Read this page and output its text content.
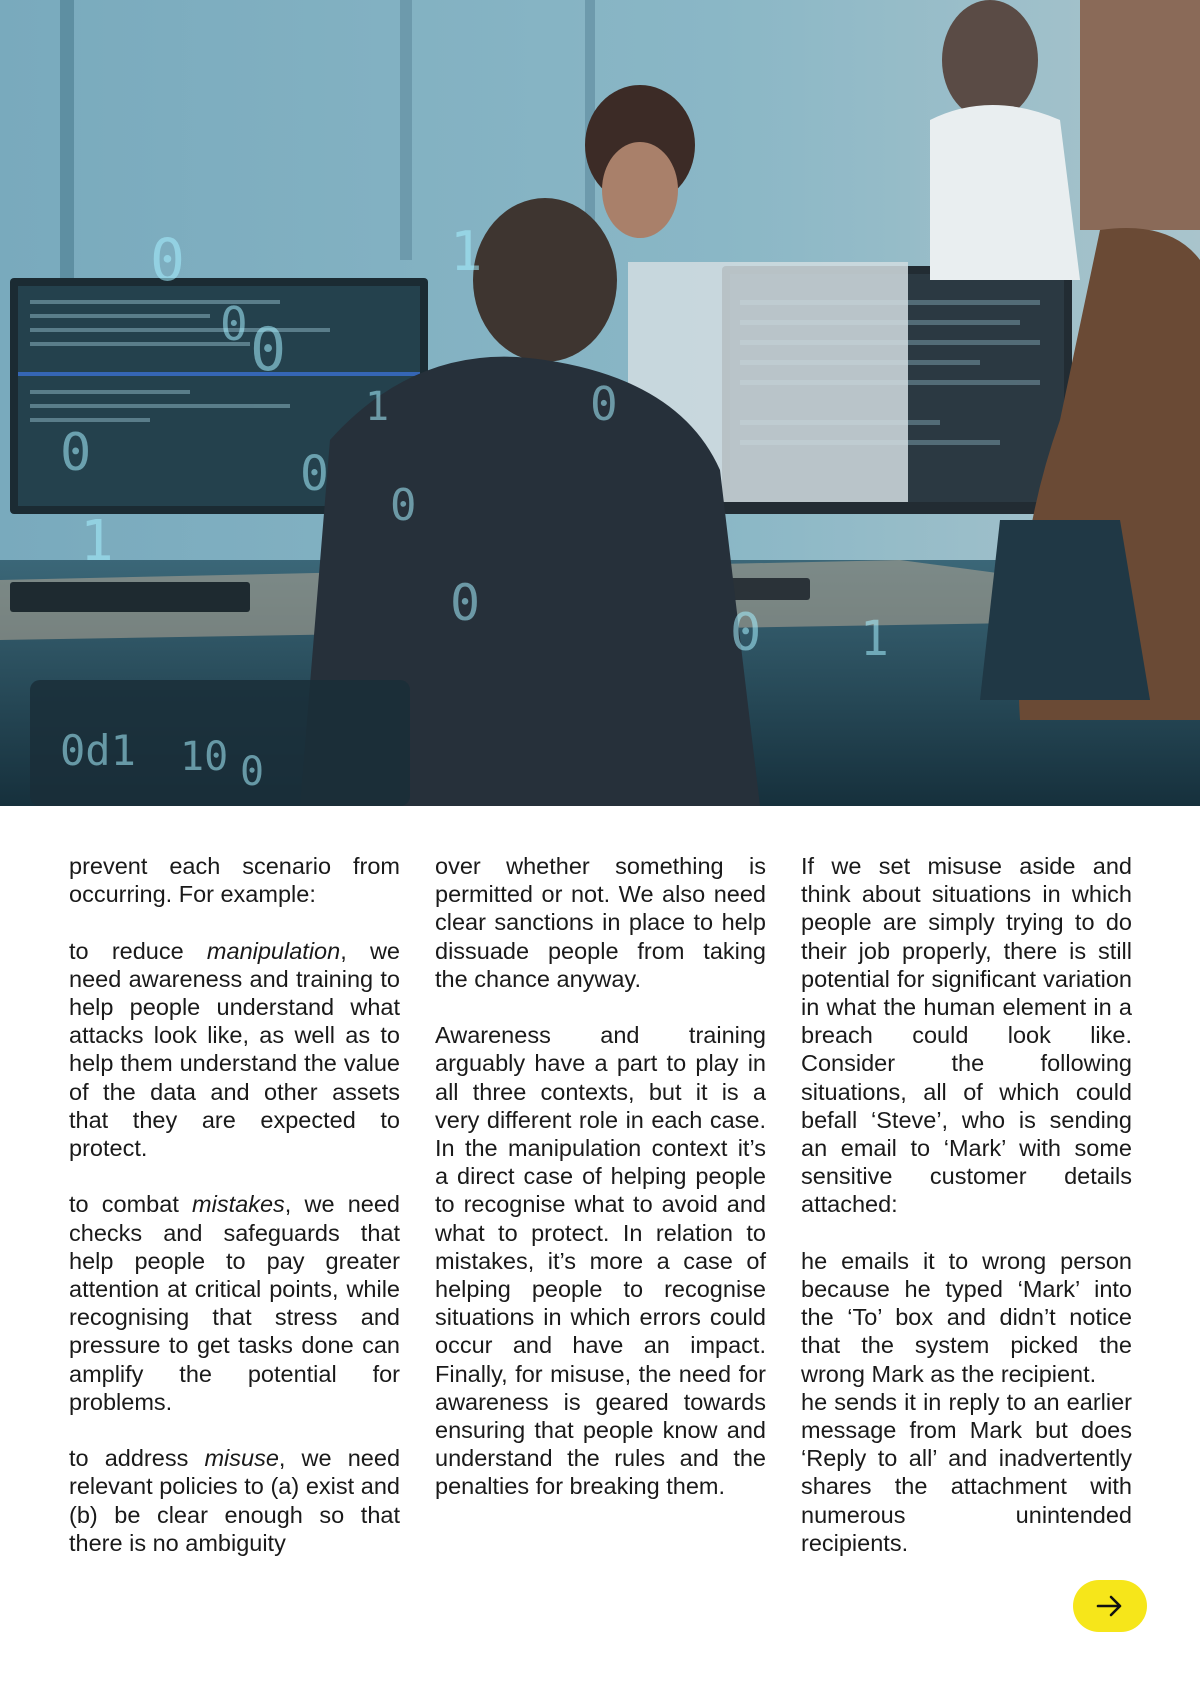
0	1
0 0
1	0
0	0
0
1
0	0 1
0d1 10 0

prevent each scenario from occurring. For example:

to reduce manipulation, we need awareness and training to help people understand what attacks look like, as well as to help them understand the value of the data and other assets that they are expected to protect.

to combat mistakes, we need checks and safeguards that help people to pay greater attention at critical points, while recognising that stress and pressure to get tasks done can amplify the potential for problems.

to address misuse, we need relevant policies to (a) exist and (b) be clear enough so that there is no ambiguity

over whether something is permitted or not. We also need clear sanctions in place to help dissuade people from taking the chance anyway.

Awareness and training arguably have a part to play in all three contexts, but it is a very different role in each case. In the manipulation context it’s a direct case of helping people to recognise what to avoid and what to protect. In relation to mistakes, it’s more a case of helping people to recognise situations in which errors could occur and have an impact. Finally, for misuse, the need for awareness is geared towards ensuring that people know and understand the rules and the penalties for breaking them.

If we set misuse aside and think about situations in which people are simply trying to do their job properly, there is still potential for significant variation in what the human element in a breach could look like. Consider the following situations, all of which could befall ‘Steve’, who is sending an email to ‘Mark’ with some sensitive customer details attached:

he emails it to wrong person because he typed ‘Mark’ into the ‘To’ box and didn’t notice that the system picked the wrong Mark as the recipient.

he sends it in reply to an earlier message from Mark but does ‘Reply to all’ and inadvertently shares the attachment with numerous unintended recipients.
